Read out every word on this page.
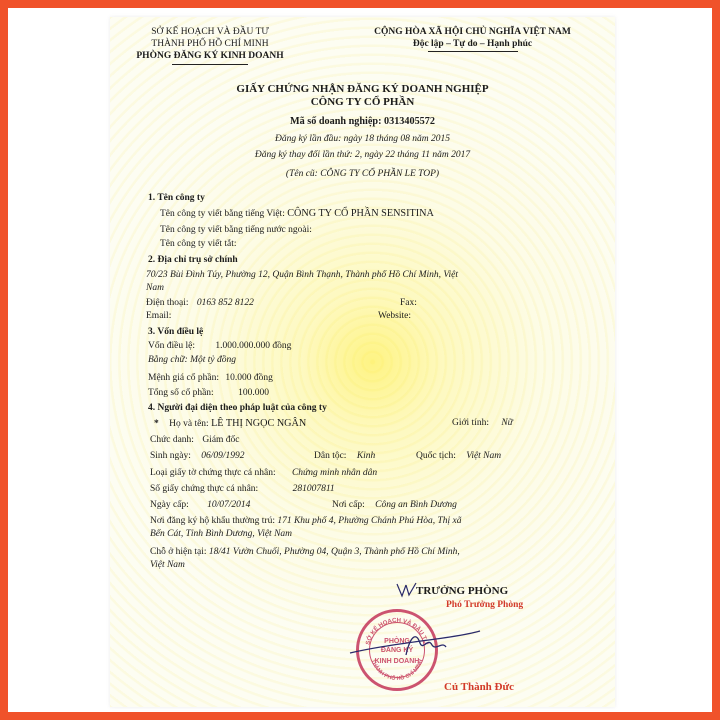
SỞ KẾ HOẠCH VÀ ĐẦU TƯ
THÀNH PHỐ HỒ CHÍ MINH
PHÒNG ĐĂNG KÝ KINH DOANH
CỘNG HÒA XÃ HỘI CHỦ NGHĨA VIỆT NAM
Độc lập – Tự do – Hạnh phúc
GIẤY CHỨNG NHẬN ĐĂNG KÝ DOANH NGHIỆP
CÔNG TY CỔ PHẦN
Mã số doanh nghiệp: 0313405572
Đăng ký lần đầu: ngày 18 tháng 08 năm 2015
Đăng ký thay đổi lần thứ: 2, ngày 22 tháng 11 năm 2017
(Tên cũ: CÔNG TY CỔ PHẦN LE TOP)
1. Tên công ty
Tên công ty viết bằng tiếng Việt: CÔNG TY CỔ PHẦN SENSITINA
Tên công ty viết bằng tiếng nước ngoài:
Tên công ty viết tắt:
2. Địa chỉ trụ sở chính
70/23 Bùi Đình Túy, Phường 12, Quận Bình Thạnh, Thành phố Hồ Chí Minh, Việt
Nam
Điện thoại: 0163 852 8122	Fax:
Email:	Website:
3. Vốn điều lệ
Vốn điều lệ: 1.000.000.000 đồng
Bằng chữ: Một tỷ đồng
Mệnh giá cổ phần: 10.000 đồng
Tổng số cổ phần:	100.000
4. Người đại diện theo pháp luật của công ty
* Họ và tên: LÊ THỊ NGỌC NGÂN	Giới tính: Nữ
Chức danh: Giám đốc
Sinh ngày: 06/09/1992	Dân tộc: Kinh	Quốc tịch: Việt Nam
Loại giấy tờ chứng thực cá nhân: Chứng minh nhân dân
Số giấy chứng thực cá nhân:	281007811
Ngày cấp: 10/07/2014	Nơi cấp: Công an Bình Dương
Nơi đăng ký hộ khẩu thường trú: 171 Khu phố 4, Phường Chánh Phú Hòa, Thị xã
Bến Cát, Tỉnh Bình Dương, Việt Nam
Chỗ ở hiện tại: 18/41 Vườn Chuối, Phường 04, Quận 3, Thành phố Hồ Chí Minh,
Việt Nam
TRƯỞNG PHÒNG
Phó Trưởng Phòng
SỞ KẾ HOẠCH VÀ ĐẦU TƯ
THÀNH PHỐ HỒ CHÍ MINH
PHÒNG
ĐĂNG KÝ
KINH DOANH
Củ Thành Đức
